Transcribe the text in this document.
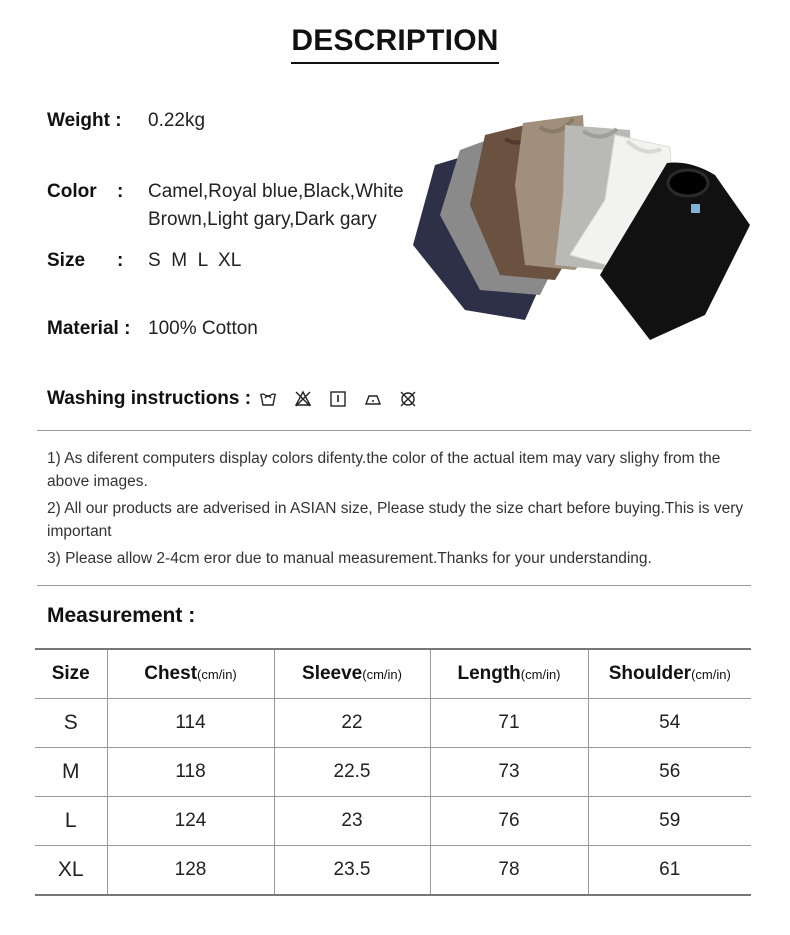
DESCRIPTION
Weight : 0.22kg
Color : Camel,Royal blue,Black,White
Brown,Light gary,Dark gary
Size : S  M  L  XL
Material : 100% Cotton
Washing instructions :

1) As diferent computers display colors difenty.the color of the actual item may vary slighy from the above images.

2) All our products are adverised in ASIAN size, Please study the size chart before buying.This is very important

3) Please allow 2-4cm eror due to manual measurement.Thanks for your understanding.

Measurement :
Size	Chest(cm/in)	Sleeve(cm/in)	Length(cm/in)	Shoulder(cm/in)
S	114	22	71	54
M	118	22.5	73	56
L	124	23	76	59
XL	128	23.5	78	61
